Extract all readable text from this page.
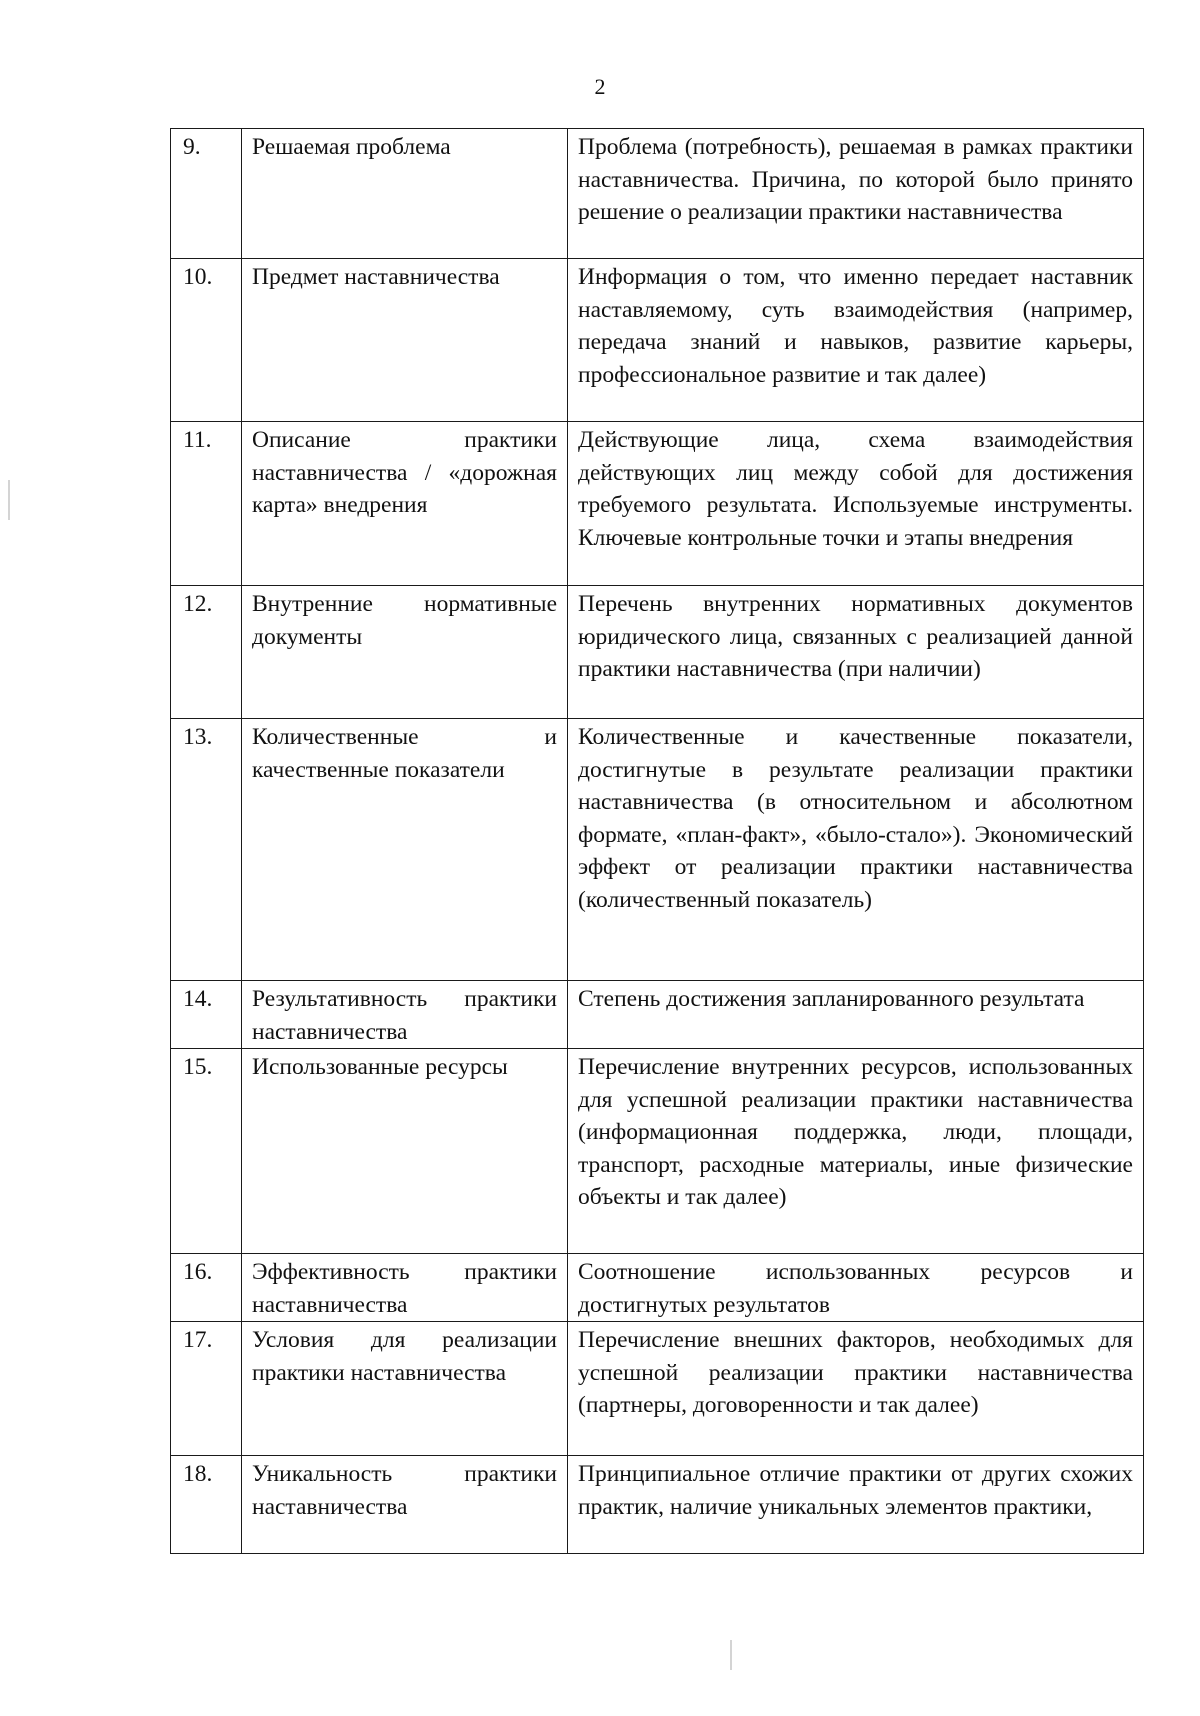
2
9.	Решаемая проблема	Проблема (потребность), решаемая в рамках практики наставничества. Причина, по которой было принято решение о реализации практики наставничества
10.	Предмет наставничества	Информация о том, что именно передает наставник наставляемому, суть взаимодействия (например, передача знаний и навыков, развитие карьеры, профессиональное развитие и так далее)
11.	Описание практики наставничества / «дорожная карта» внедрения	Действующие лица, схема взаимодействия действующих лиц между собой для достижения требуемого результата. Используемые инструменты. Ключевые контрольные точки и этапы внедрения
12.	Внутренние нормативные документы	Перечень внутренних нормативных документов юридического лица, связанных с реализацией данной практики наставничества (при наличии)
13.	Количественные и качественные показатели	Количественные и качественные показатели, достигнутые в результате реализации практики наставничества (в относительном и абсолютном формате, «план-факт», «было-стало»). Экономический эффект от реализации практики наставничества (количественный показатель)
14.	Результативность практики наставничества	Степень достижения запланированного результата
15.	Использованные ресурсы	Перечисление внутренних ресурсов, использованных для успешной реализации практики наставничества (информационная поддержка, люди, площади, транспорт, расходные материалы, иные физические объекты и так далее)
16.	Эффективность практики наставничества	Соотношение использованных ресурсов и достигнутых результатов
17.	Условия для реализации практики наставничества	Перечисление внешних факторов, необходимых для успешной реализации практики наставничества (партнеры, договоренности и так далее)
18.	Уникальность практики наставничества	Принципиальное отличие практики от других схожих практик, наличие уникальных элементов практики,
